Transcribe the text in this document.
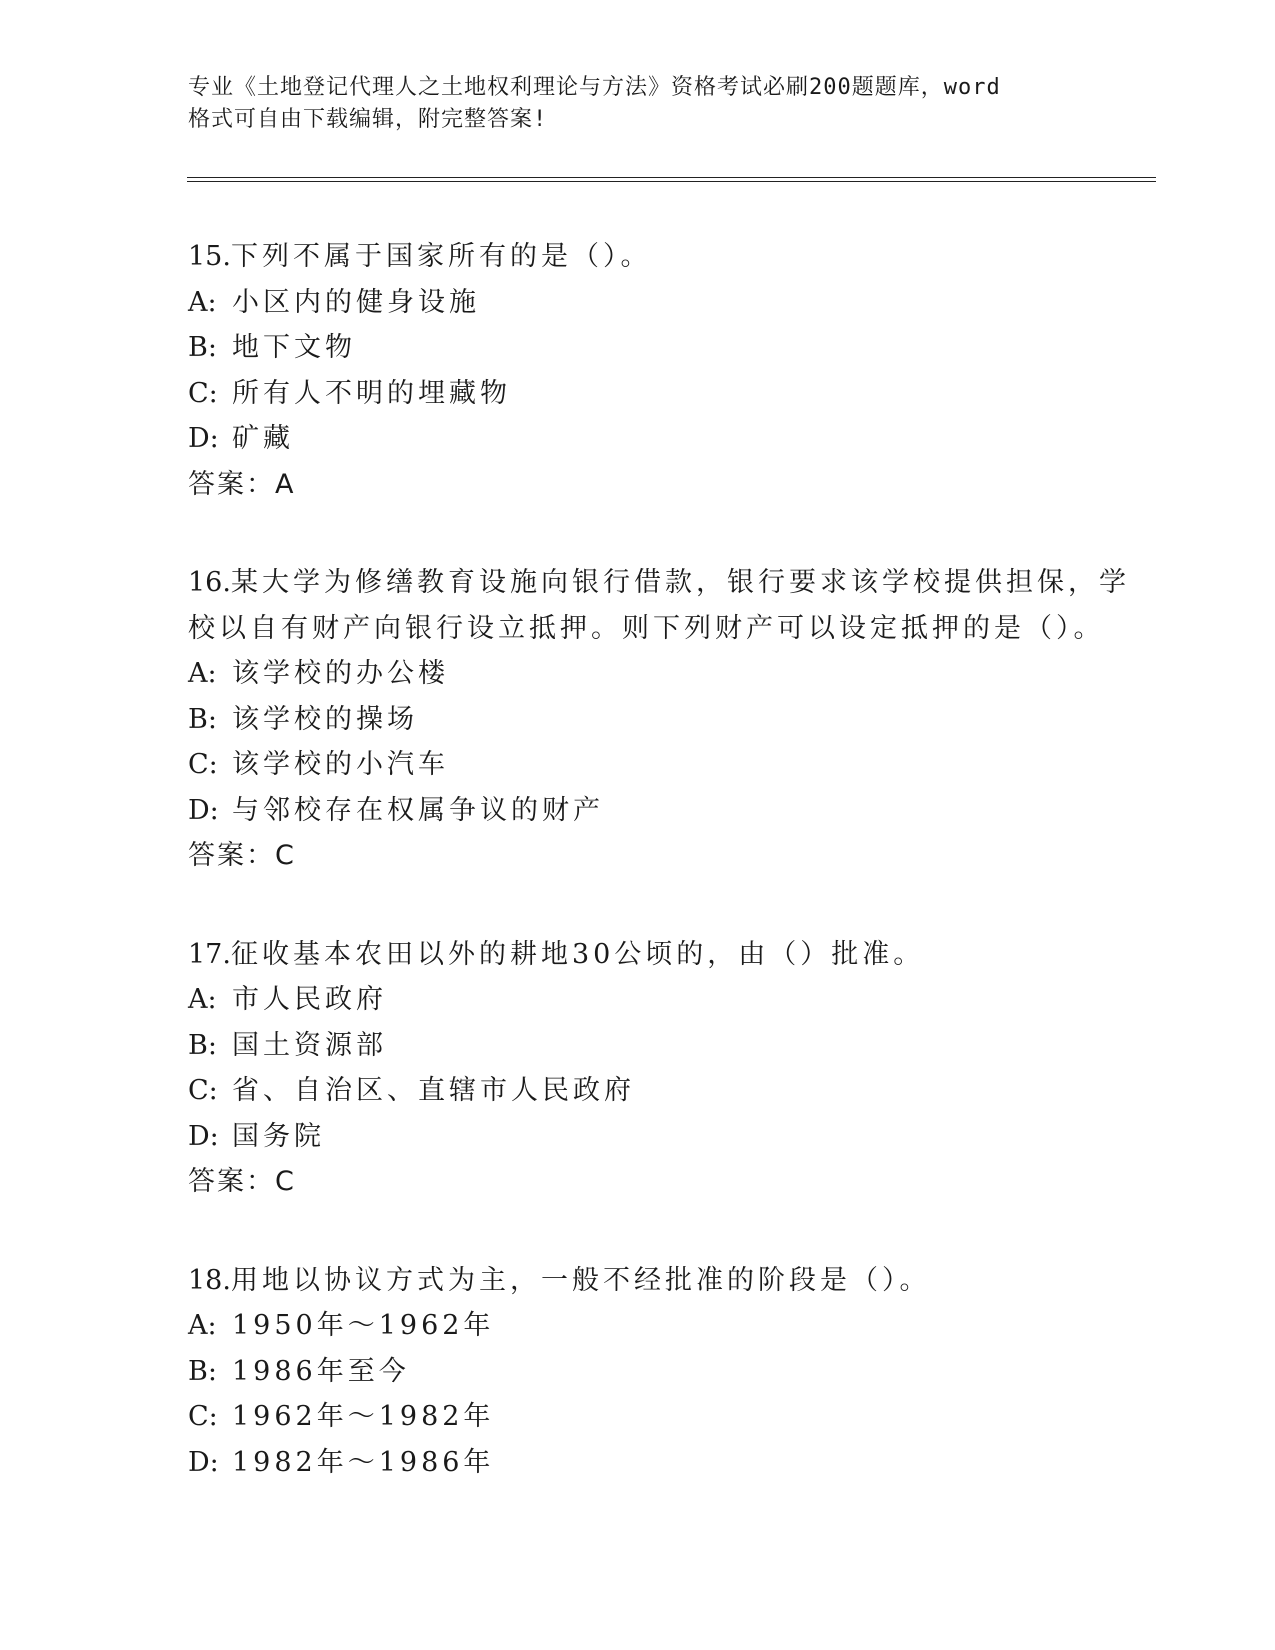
专业《土地登记代理人之土地权利理论与方法》资格考试必刷200题题库，word
格式可自由下载编辑，附完整答案!
15.下列不属于国家所有的是（）。
A: 小区内的健身设施
B: 地下文物
C: 所有人不明的埋藏物
D: 矿藏
答案：A
16.某大学为修缮教育设施向银行借款，银行要求该学校提供担保，学
校以自有财产向银行设立抵押。则下列财产可以设定抵押的是（）。
A: 该学校的办公楼
B: 该学校的操场
C: 该学校的小汽车
D: 与邻校存在权属争议的财产
答案：C
17.征收基本农田以外的耕地30公顷的，由（）批准。
A: 市人民政府
B: 国土资源部
C: 省、自治区、直辖市人民政府
D: 国务院
答案：C
18.用地以协议方式为主，一般不经批准的阶段是（）。
A: 1950年～1962年
B: 1986年至今
C: 1962年～1982年
D: 1982年～1986年
